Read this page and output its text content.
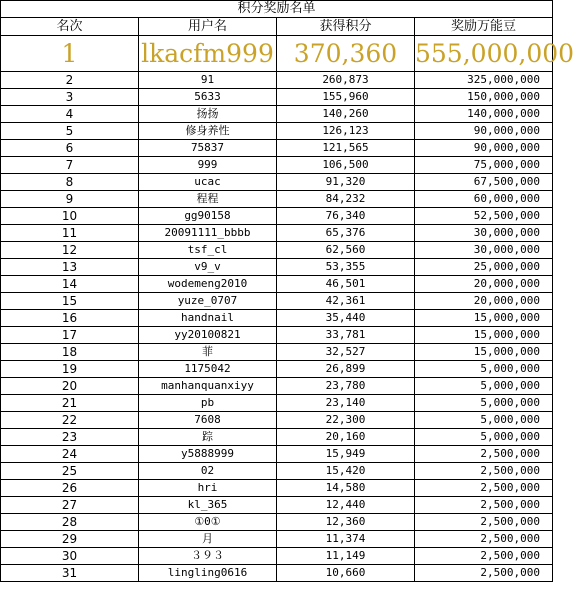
积分奖励名单			
名次	用户名	获得积分	奖励万能豆
1	lkacfm999	370,360	555,000,000
2	91	260,873	325,000,000
3	5633	155,960	150,000,000
4	扬扬	140,260	140,000,000
5	修身养性	126,123	90,000,000
6	75837	121,565	90,000,000
7	999	106,500	75,000,000
8	ucac	91,320	67,500,000
9	程程	84,232	60,000,000
10	gg90158	76,340	52,500,000
11	20091111_bbbb	65,376	30,000,000
12	tsf_cl	62,560	30,000,000
13	v9_v	53,355	25,000,000
14	wodemeng2010	46,501	20,000,000
15	yuze_0707	42,361	20,000,000
16	handnail	35,440	15,000,000
17	yy20100821	33,781	15,000,000
18	菲	32,527	15,000,000
19	1175042	26,899	5,000,000
20	manhanquanxiyy	23,780	5,000,000
21	pb	23,140	5,000,000
22	7608	22,300	5,000,000
23	踪	20,160	5,000,000
24	y5888999	15,949	2,500,000
25	02	15,420	2,500,000
26	hri	14,580	2,500,000
27	kl_365	12,440	2,500,000
28	①0①	12,360	2,500,000
29	月	11,374	2,500,000
30	３９３	11,149	2,500,000
31	lingling0616	10,660	2,500,000
